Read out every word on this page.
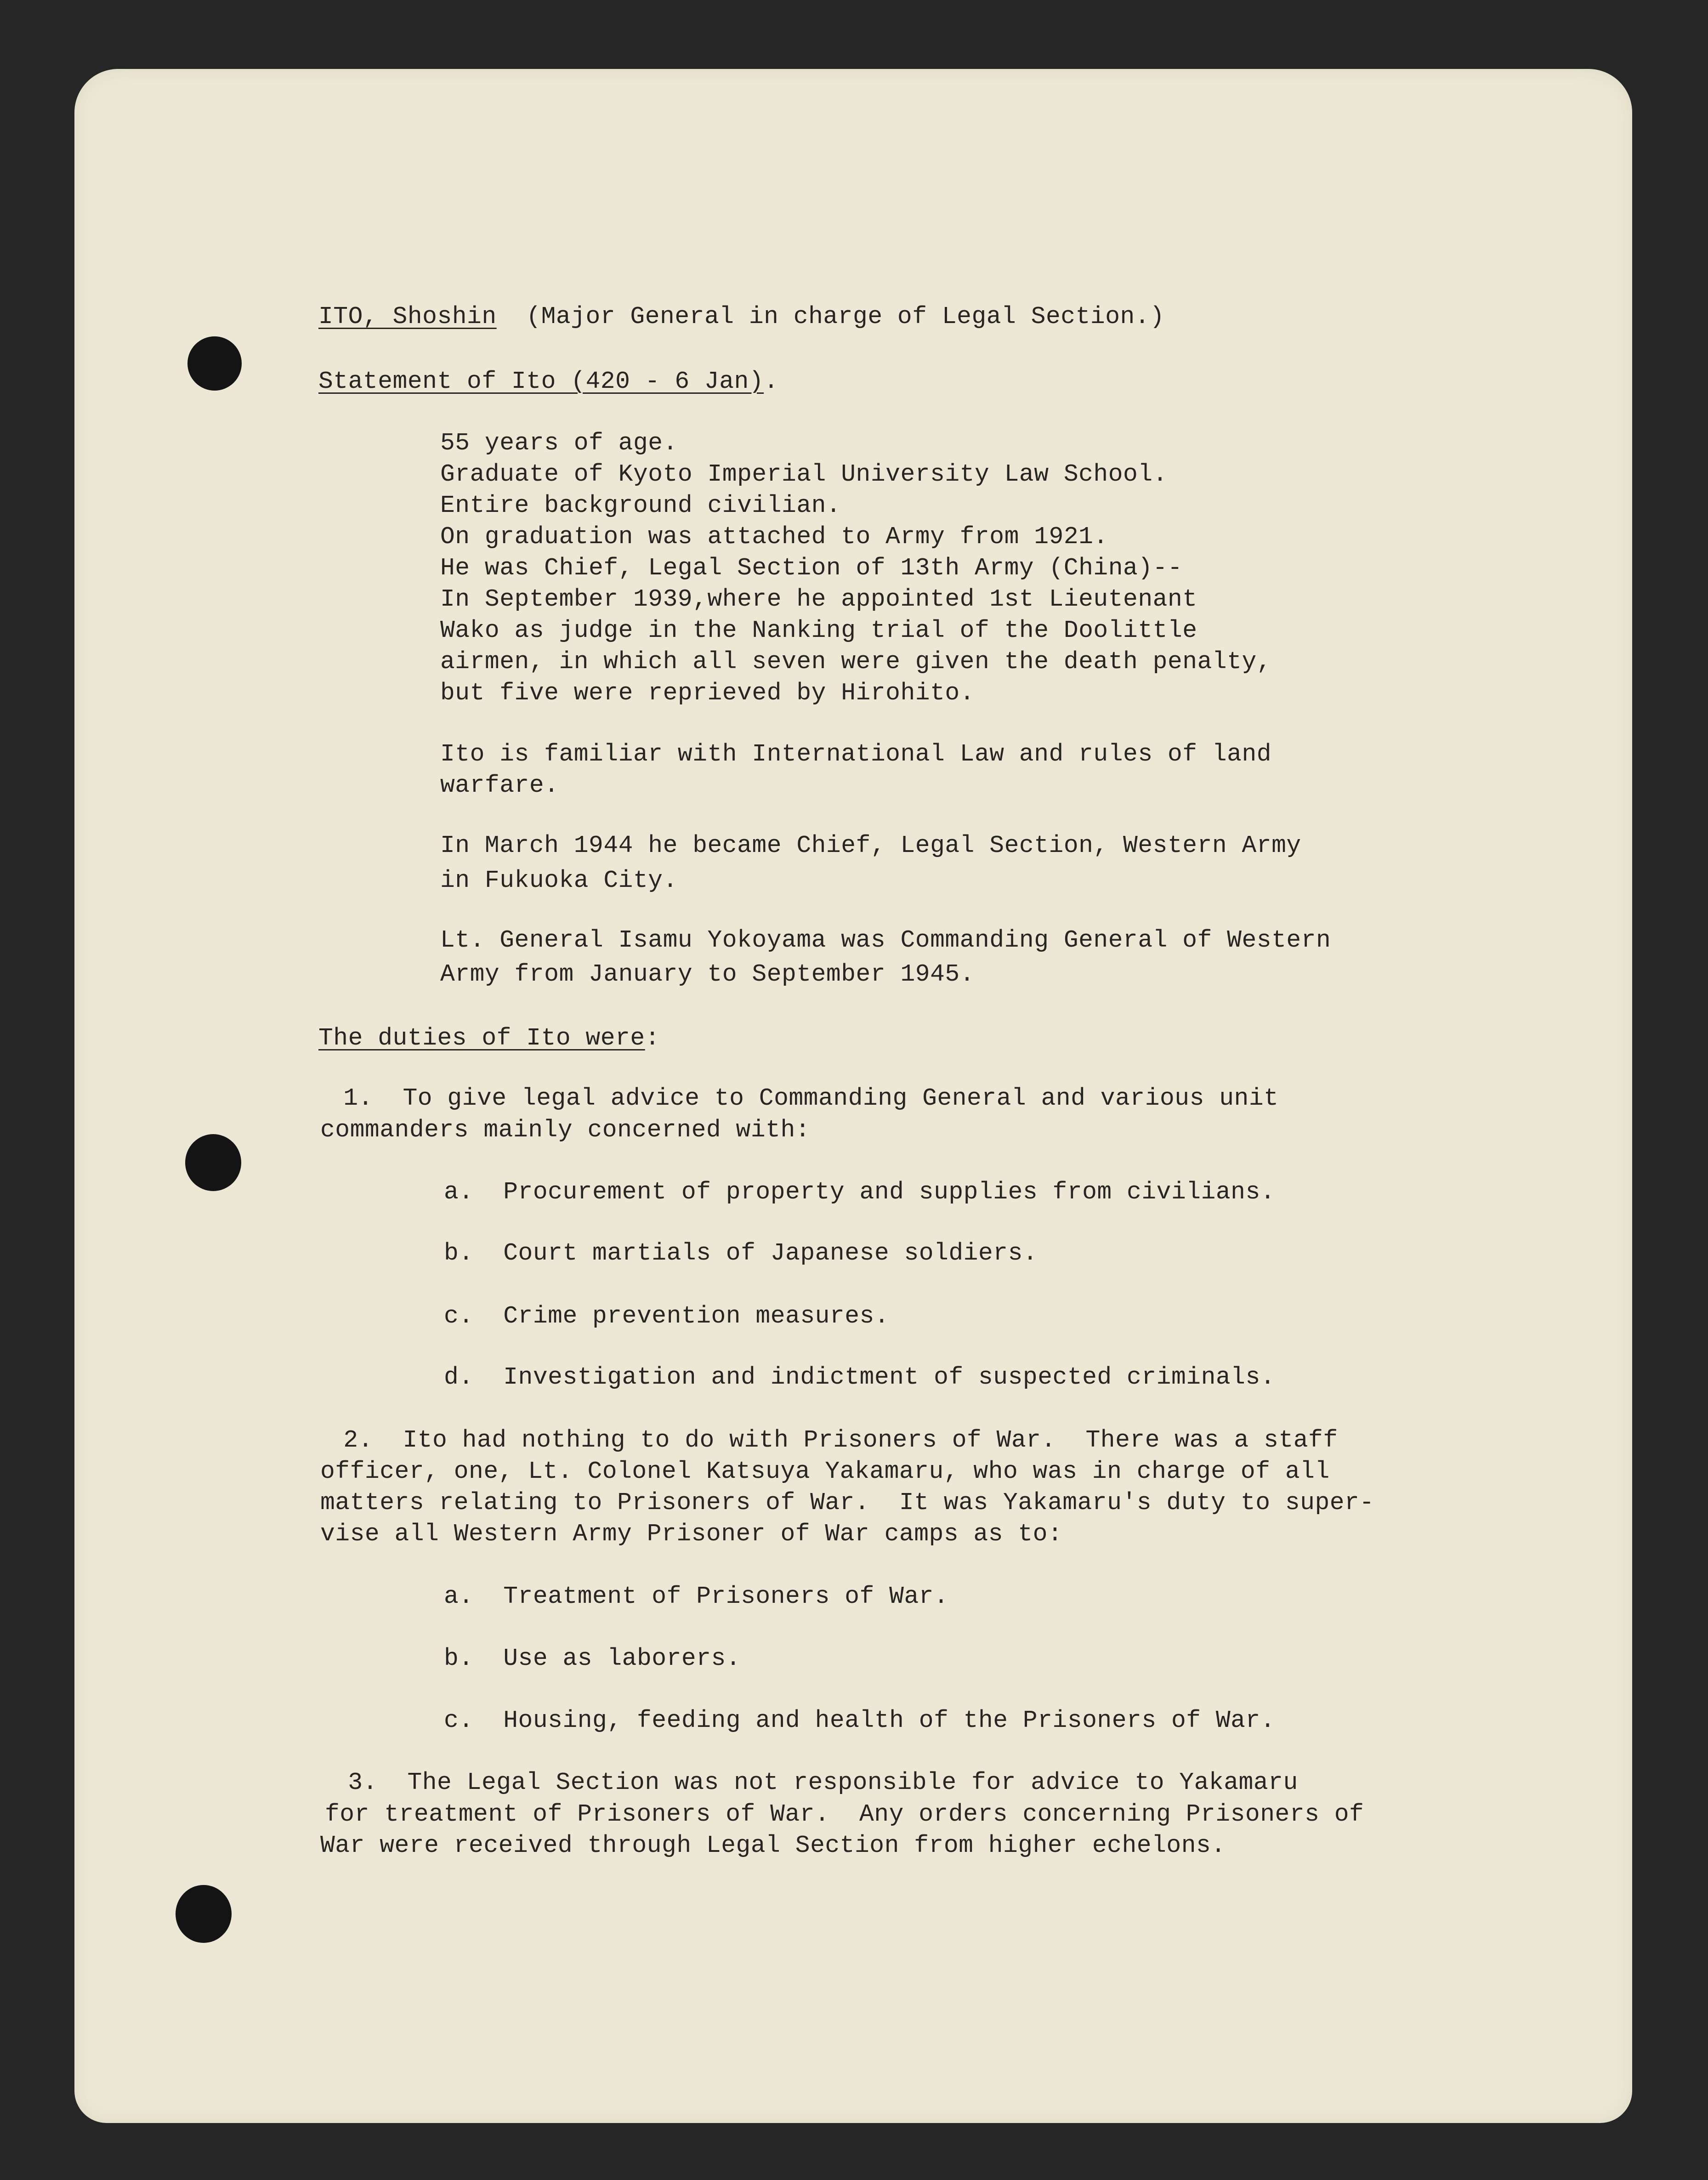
ITO, Shoshin (Major General in charge of Legal Section.)

Statement of Ito (420 - 6 Jan).

55 years of age.

Graduate of Kyoto Imperial University Law School.

Entire background civilian.

On graduation was attached to Army from 1921.

He was Chief, Legal Section of 13th Army (China)--

In September 1939,where he appointed 1st Lieutenant

Wako as judge in the Nanking trial of the Doolittle

airmen, in which all seven were given the death penalty,

but five were reprieved by Hirohito.

Ito is familiar with International Law and rules of land

warfare.

In March 1944 he became Chief, Legal Section, Western Army

in Fukuoka City.

Lt. General Isamu Yokoyama was Commanding General of Western

Army from January to September 1945.

The duties of Ito were:

1.  To give legal advice to Commanding General and various unit

commanders mainly concerned with:

a.  Procurement of property and supplies from civilians.

b.  Court martials of Japanese soldiers.

c.  Crime prevention measures.

d.  Investigation and indictment of suspected criminals.

2.  Ito had nothing to do with Prisoners of War.  There was a staff

officer, one, Lt. Colonel Katsuya Yakamaru, who was in charge of all

matters relating to Prisoners of War.  It was Yakamaru's duty to super-

vise all Western Army Prisoner of War camps as to:

a.  Treatment of Prisoners of War.

b.  Use as laborers.

c.  Housing, feeding and health of the Prisoners of War.

3.  The Legal Section was not responsible for advice to Yakamaru

for treatment of Prisoners of War.  Any orders concerning Prisoners of

War were received through Legal Section from higher echelons.
